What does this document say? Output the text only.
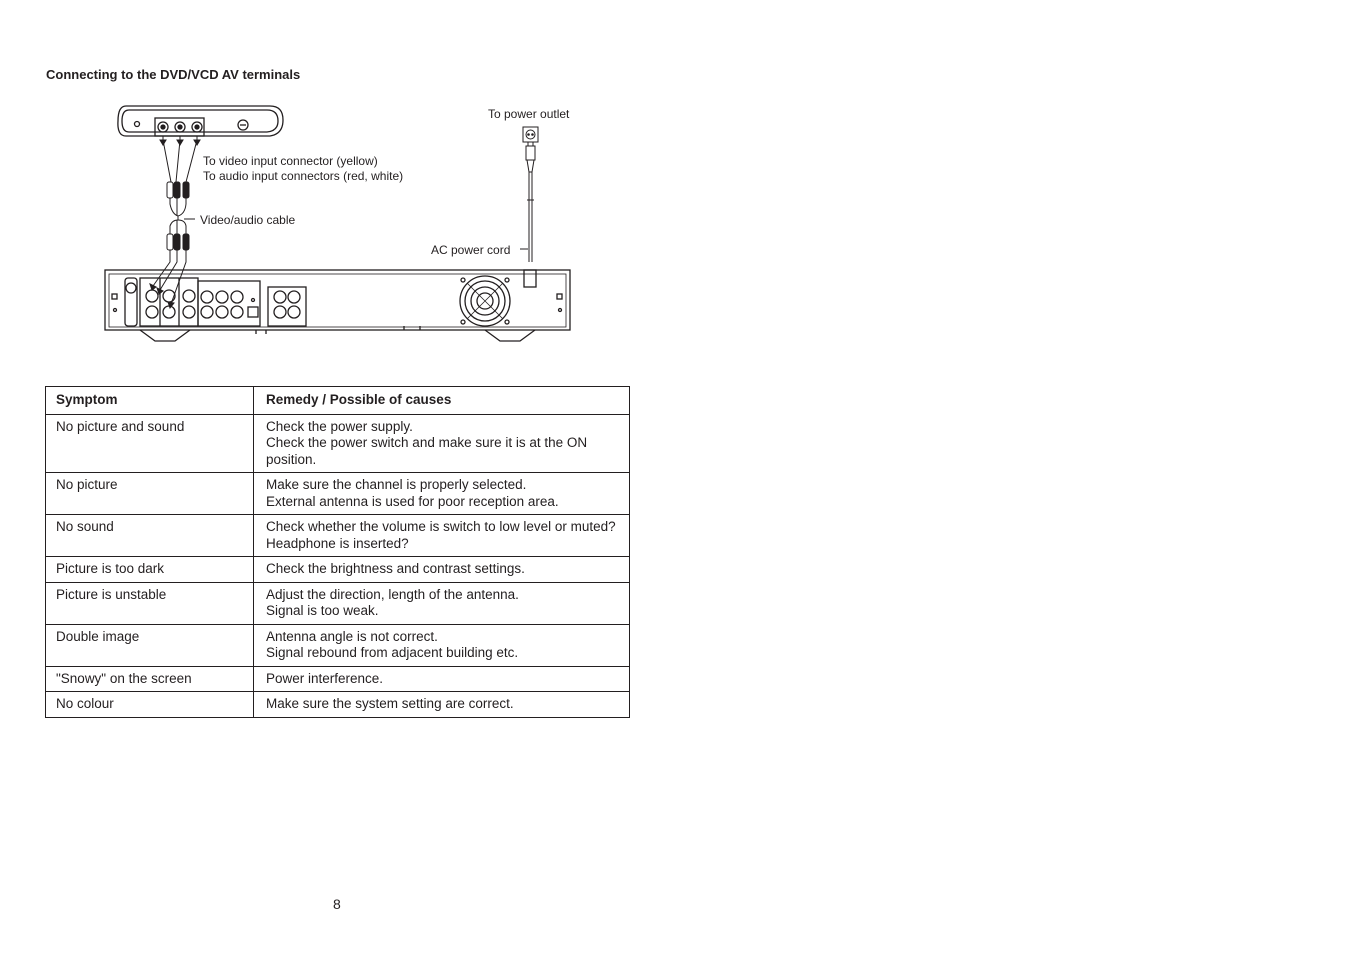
Connecting to the DVD/VCD AV terminals
To power outlet
To video input connector (yellow)
To audio input connectors (red, white)
Video/audio cable
AC power cord
Symptom	Remedy / Possible of causes
No picture and sound	Check the power supply.
Check the power switch and make sure it is at the ON position.

No picture	Make sure the channel is properly selected.
External antenna is used for poor reception area.

No sound	Check whether the volume is switch to low level or muted?
Headphone is inserted?

Picture is too dark	Check the brightness and contrast settings.

Picture is unstable	Adjust the direction, length of the antenna.
Signal is too weak.

Double image	Antenna angle is not correct.
Signal rebound from adjacent building etc.

"Snowy" on the screen	Power interference.

No colour	Make sure the system setting are correct.
8
